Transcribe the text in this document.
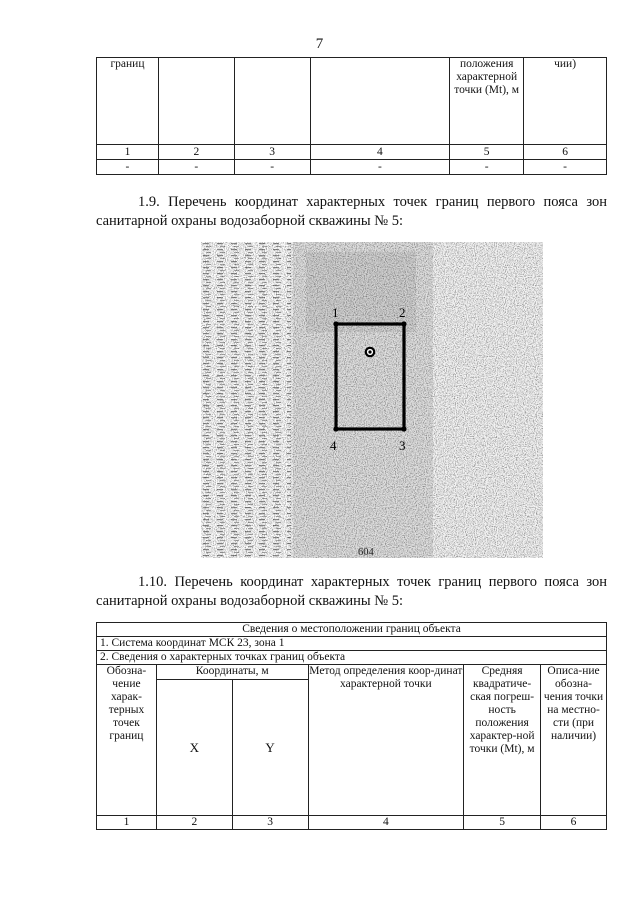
7
границ				положения характерной точки (Mt), м	чии)
1	2	3	4	5	6
-	-	-	-	-	-
1.9. Перечень координат характерных точек границ первого пояса зон санитарной охраны водозаборной скважины № 5:
1	2
3
4
604
1.10. Перечень координат характерных точек границ первого пояса зон санитарной охраны водозаборной скважины № 5:
Сведения о местоположении границ объекта					
1. Система координат МСК 23, зона 1					
2. Сведения о характерных точках границ объекта					
Обозна-чение харак-терных точек границ	Координаты, м		Метод определения коор-динат характерной точки	Средняя квадратиче-ская погреш-ность положения характер-ной точки (Mt), м	Описа-ние обозна-чения точки на местно-сти (при наличии)
	X	Y			
1	2	3	4	5	6
